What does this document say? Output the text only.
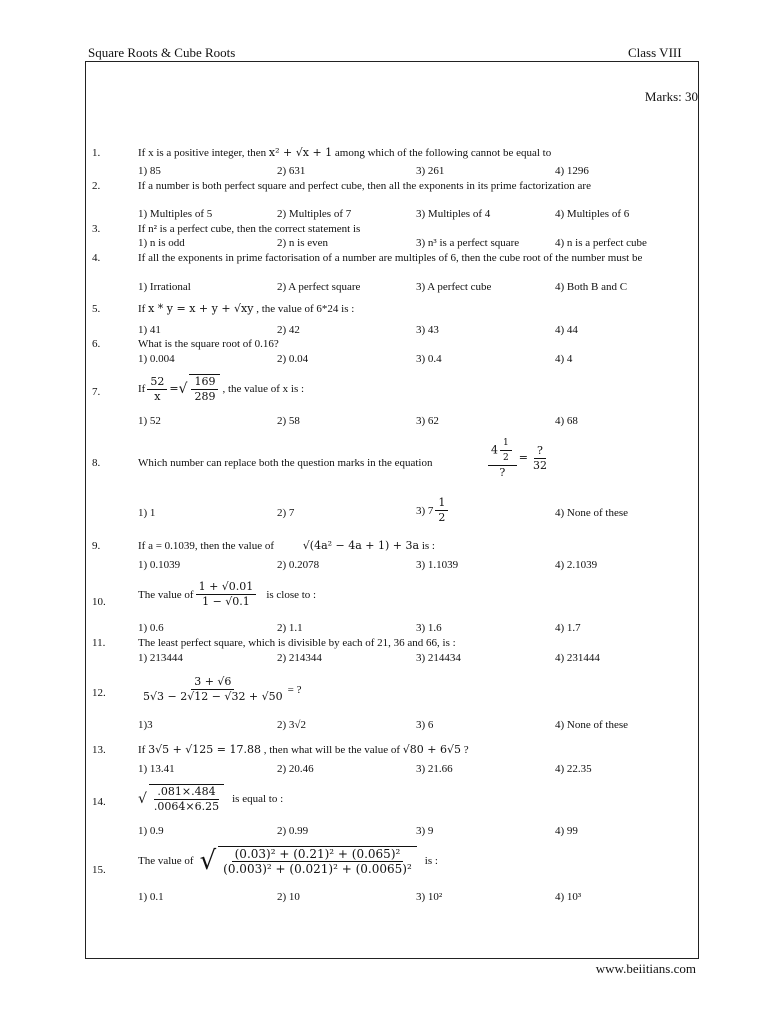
Square Roots & Cube Roots	Class VIII
Marks: 30
1.	If x is a positive integer, then x² + √x + 1 among which of the following cannot be equal to
1) 85	2) 631	3) 261	4) 1296
2.	If a number is both perfect square and perfect cube, then all the exponents in its prime factorization are
1) Multiples of 5	2) Multiples of 7	3) Multiples of 4	4) Multiples of 6
3.	If n² is a perfect cube, then the correct statement is
1) n is odd	2) n is even	3) n³ is a perfect square	4) n is a perfect cube
4.	If all the exponents in prime factorisation of a number are multiples of 6, then the cube root of the number must be
1) Irrational	2) A perfect square	3) A perfect cube	4) Both B and C
5.	If x * y = x + y + √xy , the value of 6*24 is :
1) 41	2) 42	3) 43	4) 44
6.	What is the square root of 0.16?
1) 0.004	2) 0.04	3) 0.4	4) 4
7.	If $\frac{52}{x}$ = √ $\frac{169}{289}$ , the value of x is :
1) 52	2) 58	3) 62	4) 68
8.	Which number can replace both the question marks in the equation	$\frac{4 \frac{1}{2}}{?} = \frac{?}{32}$
1) 1	2) 7	3) $7 \frac{1}{2}$	4) None of these
9.	If a = 0.1039, then the value of	√(4a² − 4a + 1) + 3a is :
1) 0.1039	2) 0.2078	3) 1.1039	4) 2.1039
10.
The value of $\frac{1 + √0.01}{1 - √0.1}$ is close to :
1) 0.6	2) 1.1	3) 1.6	4) 1.7
11.	The least perfect square, which is divisible by each of 21, 36 and 66, is :
1) 213444	2) 214344	3) 214434	4) 231444
12.	$\frac{3 + √6}{5√3 - 2√12 - √32 + √50}$ = ?
1)3	2) 3√2	3) 6	4) None of these
13.	If 3√5 + √125 = 17.88 , then what will be the value of √80 + 6√5 ?
1) 13.41	2) 20.46	3) 21.66	4) 22.35
14. √ $\frac{.081\times.484}{.0064\times 6.25}$ is equal to :
1) 0.9	2) 0.99	3) 9	4) 99
15.
The value of √ $\frac{\text{(0.03)² + (0.21)² + (0.065)²}}{\text{(0.003)² + (0.021)² + (0.0065)²}}$ is :
1) 0.1	2) 10	3) 10²	4) 10³
www.beiitians.com
